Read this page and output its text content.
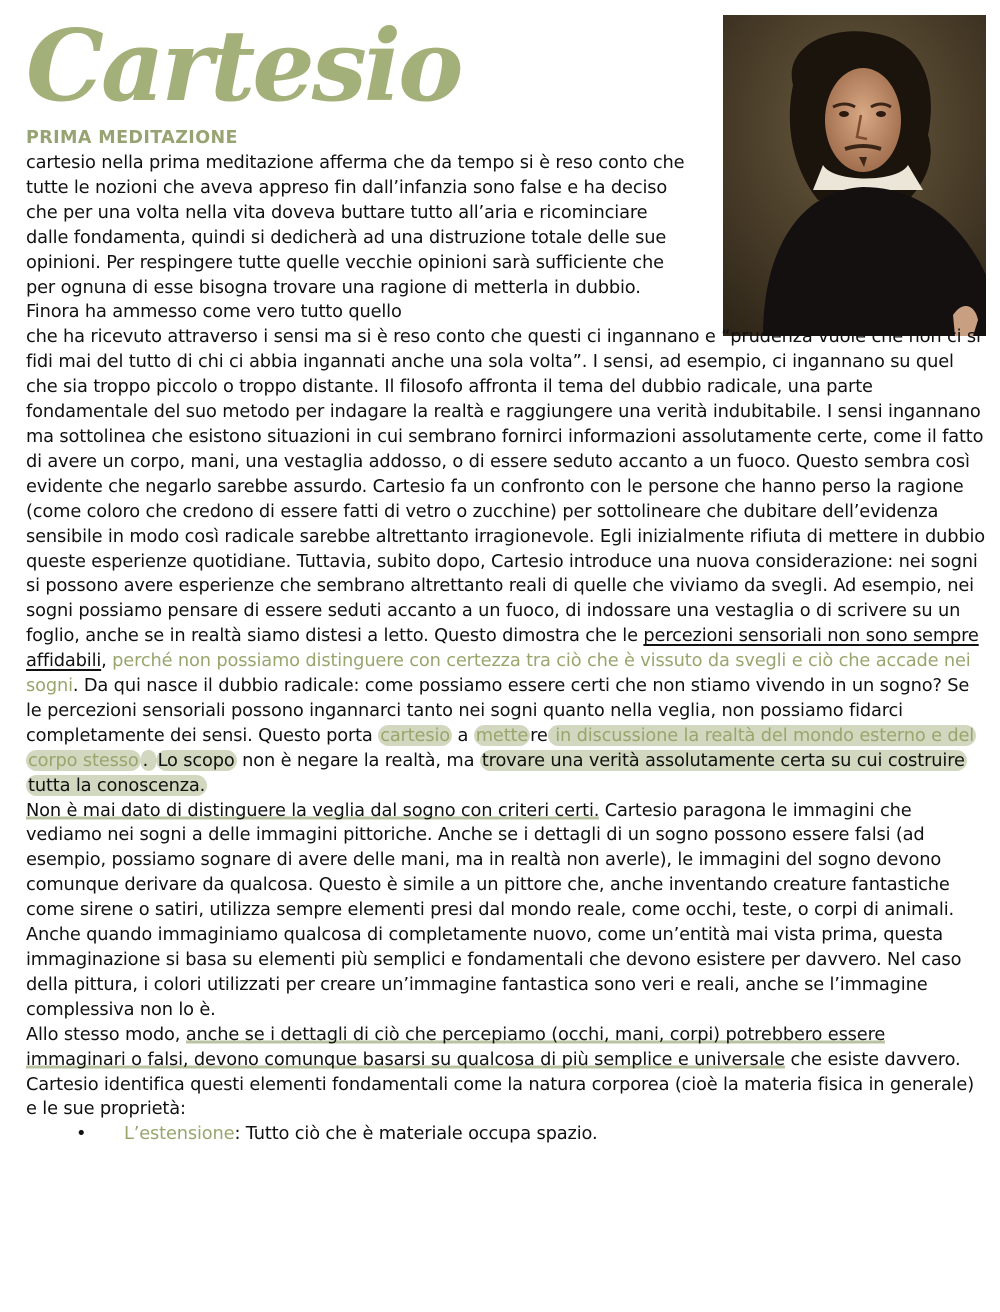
Cartesio
PRIMA MEDITAZIONE
cartesio nella prima meditazione afferma che da tempo si è reso conto che tutte le nozioni che aveva appreso fin dall’infanzia sono false e ha deciso che per una volta nella vita doveva buttare tutto all’aria e ricominciare dalle fondamenta, quindi si dedicherà ad una distruzione totale delle sue opinioni. Per respingere tutte quelle vecchie opinioni sarà sufficiente che per ognuna di esse bisogna trovare una ragione di metterla in dubbio. Finora ha ammesso come vero tutto quello
che ha ricevuto attraverso i sensi ma si è reso conto che questi ci ingannano e “prudenza vuole che non ci si fidi mai del tutto di chi ci abbia ingannati anche una sola volta”. I sensi, ad esempio, ci ingannano su quel che sia troppo piccolo o troppo distante. Il filosofo affronta il tema del dubbio radicale, una parte fondamentale del suo metodo per indagare la realtà e raggiungere una verità indubitabile. I sensi ingannano ma sottolinea che esistono situazioni in cui sembrano fornirci informazioni assolutamente certe, come il fatto di avere un corpo, mani, una vestaglia addosso, o di essere seduto accanto a un fuoco. Questo sembra così evidente che negarlo sarebbe assurdo. Cartesio fa un confronto con le persone che hanno perso la ragione (come coloro che credono di essere fatti di vetro o zucchine) per sottolineare che dubitare dell’evidenza sensibile in modo così radicale sarebbe altrettanto irragionevole. Egli inizialmente rifiuta di mettere in dubbio queste esperienze quotidiane. Tuttavia, subito dopo, Cartesio introduce una nuova considerazione: nei sogni si possono avere esperienze che sembrano altrettanto reali di quelle che viviamo da svegli. Ad esempio, nei sogni possiamo pensare di essere seduti accanto a un fuoco, di indossare una vestaglia o di scrivere su un foglio, anche se in realtà siamo distesi a letto. Questo dimostra che le percezioni sensoriali non sono sempre affidabili, perché non possiamo distinguere con certezza tra ciò che è vissuto da svegli e ciò che accade nei sogni. Da qui nasce il dubbio radicale: come possiamo essere certi che non stiamo vivendo in un sogno? Se le percezioni sensoriali possono ingannarci tanto nei sogni quanto nella veglia, non possiamo fidarci completamente dei sensi. Questo porta cartesio a mette re in discussione la realtà del mondo esterno e del corpo stesso . Lo scopo non è negare la realtà, ma trovare una verità assolutamente certa su cui costruire tutta la conoscenza.
Non è mai dato di distinguere la veglia dal sogno con criteri certi. Cartesio paragona le immagini che vediamo nei sogni a delle immagini pittoriche. Anche se i dettagli di un sogno possono essere falsi (ad esempio, possiamo sognare di avere delle mani, ma in realtà non averle), le immagini del sogno devono comunque derivare da qualcosa. Questo è simile a un pittore che, anche inventando creature fantastiche come sirene o satiri, utilizza sempre elementi presi dal mondo reale, come occhi, teste, o corpi di animali.
Anche quando immaginiamo qualcosa di completamente nuovo, come un’entità mai vista prima, questa immaginazione si basa su elementi più semplici e fondamentali che devono esistere per davvero. Nel caso della pittura, i colori utilizzati per creare un’immagine fantastica sono veri e reali, anche se l’immagine complessiva non lo è.
Allo stesso modo, anche se i dettagli di ciò che percepiamo (occhi, mani, corpi) potrebbero essere immaginari o falsi, devono comunque basarsi su qualcosa di più semplice e universale che esiste davvero. Cartesio identifica questi elementi fondamentali come la natura corporea (cioè la materia fisica in generale) e le sue proprietà:
• L’estensione: Tutto ciò che è materiale occupa spazio.
